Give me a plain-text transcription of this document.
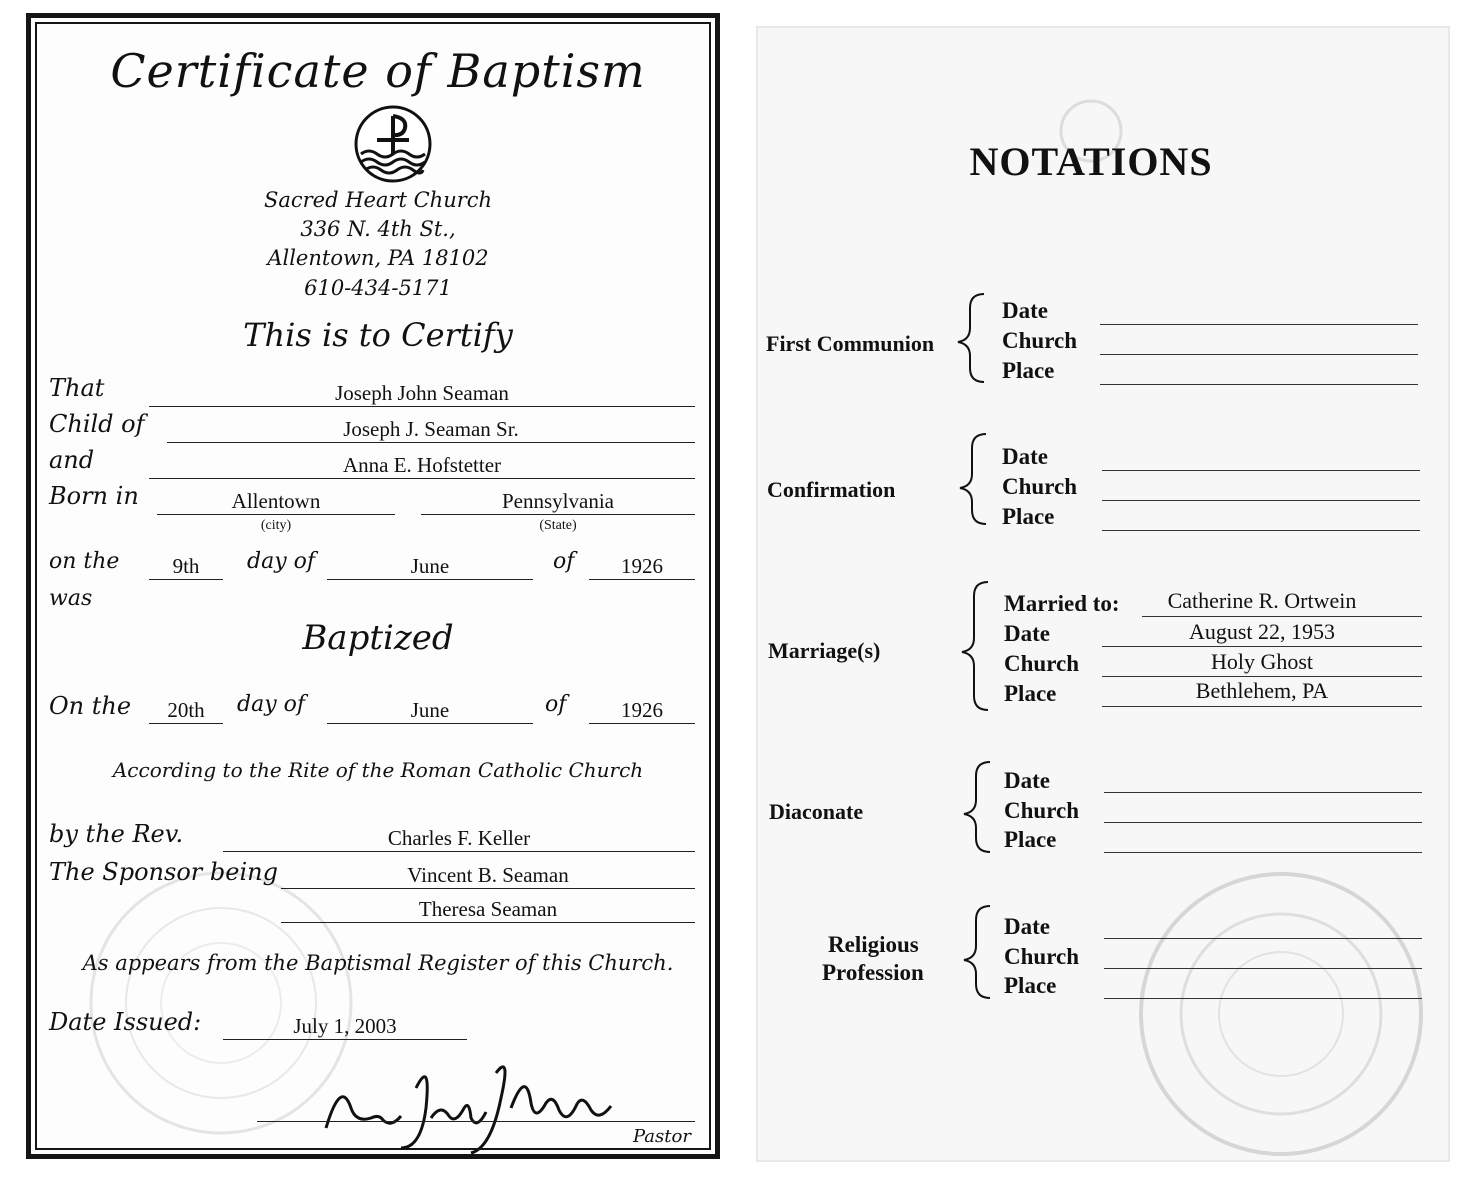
Certificate of Baptism
Sacred Heart Church
336 N. 4th St.,
Allentown, PA 18102
610-434-5171
This is to Certify
That	Joseph John Seaman
Child of	Joseph J. Seaman Sr.
and	Anna E. Hofstetter
Born in	Allentown
(city)
Pennsylvania
(State)
on the	9th	day of	June	of	1926
was
Baptized
On the	20th	day of	June	of	1926
According to the Rite of the Roman Catholic Church
by the Rev.	Charles F. Keller
The Sponsor being	Vincent B. Seaman
Theresa Seaman
As appears from the Baptismal Register of this Church.
Date Issued:	July 1, 2003
Pastor
NOTATIONS
First Communion
Date
Church
Place
Confirmation
Date
Church
Place
Marriage(s)
Married to:	Catherine R. Ortwein
Date	August 22, 1953
Church	Holy Ghost
Place	Bethlehem, PA
Diaconate
Date
Church
Place
Religious
Profession
Date
Church
Place
